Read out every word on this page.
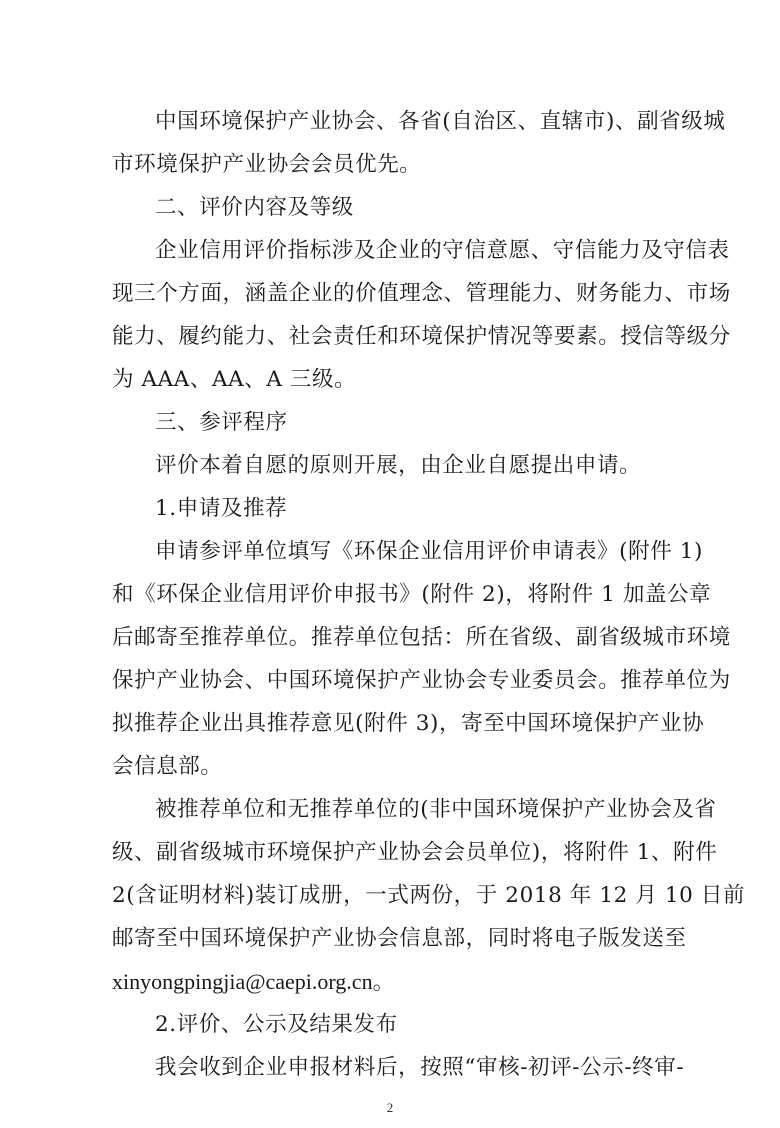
中国环境保护产业协会、各省(自治区、直辖市)、副省级城
市环境保护产业协会会员优先。
二、评价内容及等级
企业信用评价指标涉及企业的守信意愿、守信能力及守信表
现三个方面，涵盖企业的价值理念、管理能力、财务能力、市场
能力、履约能力、社会责任和环境保护情况等要素。授信等级分
为 AAA、AA、A 三级。
三、参评程序
评价本着自愿的原则开展，由企业自愿提出申请。
1.申请及推荐
申请参评单位填写《环保企业信用评价申请表》(附件 1)
和《环保企业信用评价申报书》(附件 2)，将附件 1 加盖公章
后邮寄至推荐单位。推荐单位包括：所在省级、副省级城市环境
保护产业协会、中国环境保护产业协会专业委员会。推荐单位为
拟推荐企业出具推荐意见(附件 3)，寄至中国环境保护产业协
会信息部。
被推荐单位和无推荐单位的(非中国环境保护产业协会及省
级、副省级城市环境保护产业协会会员单位)，将附件 1、附件
2(含证明材料)装订成册，一式两份，于 2018 年 12 月 10 日前
邮寄至中国环境保护产业协会信息部，同时将电子版发送至
xinyongpingjia@caepi.org.cn。
2.评价、公示及结果发布
我会收到企业申报材料后，按照“审核-初评-公示-终审-
2
